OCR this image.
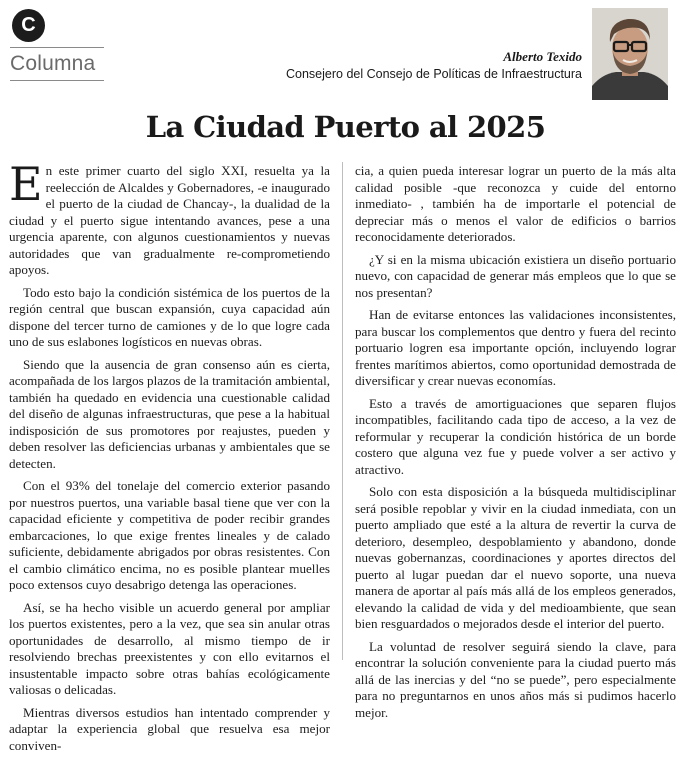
C
Columna	Alberto Texido
Consejero del Consejo de Políticas de Infraestructura
La Ciudad Puerto al 2025

En este primer cuarto del siglo XXI, resuelta ya la reelección de Alcaldes y Gobernadores, -e inaugurado el puerto de la ciudad de Chancay-, la dualidad de la ciudad y el puerto sigue intentando avances, pese a una urgencia aparente, con algunos cuestionamientos y nuevas autoridades que van gradualmente re-comprometiendo apoyos.

Todo esto bajo la condición sistémica de los puertos de la región central que buscan expansión, cuya capacidad aún dispone del tercer turno de camiones y de lo que logre cada uno de sus eslabones logísticos en nuevas obras.

Siendo que la ausencia de gran consenso aún es cierta, acompañada de los largos plazos de la tramitación ambiental, también ha quedado en evidencia una cuestionable calidad del diseño de algunas infraestructuras, que pese a la habitual indisposición de sus promotores por reajustes, pueden y deben resolver las deficiencias urbanas y ambientales que se detecten.

Con el 93% del tonelaje del comercio exterior pasando por nuestros puertos, una variable basal tiene que ver con la capacidad eficiente y competitiva de poder recibir grandes embarcaciones, lo que exige frentes lineales y de calado suficiente, debidamente abrigados por obras resistentes. Con el cambio climático encima, no es posible plantear muelles poco extensos cuyo desabrigo detenga las operaciones.

Así, se ha hecho visible un acuerdo general por ampliar los puertos existentes, pero a la vez, que sea sin anular otras oportunidades de desarrollo, al mismo tiempo de ir resolviendo brechas preexistentes y con ello evitarnos el insustentable impacto sobre otras bahías ecológicamente valiosas o delicadas.

Mientras diversos estudios han intentado comprender y adaptar la experiencia global que resuelva esa mejor conviven-

cia, a quien pueda interesar lograr un puerto de la más alta calidad posible -que reconozca y cuide del entorno inmediato- , también ha de importarle el potencial de depreciar más o menos el valor de edificios o barrios reconocidamente deteriorados.

¿Y si en la misma ubicación existiera un diseño portuario nuevo, con capacidad de generar más empleos que lo que se nos presentan?

Han de evitarse entonces las validaciones inconsistentes, para buscar los complementos que dentro y fuera del recinto portuario logren esa importante opción, incluyendo lograr frentes marítimos abiertos, como oportunidad demostrada de diversificar y crear nuevas economías.

Esto a través de amortiguaciones que separen flujos incompatibles, facilitando cada tipo de acceso, a la vez de reformular y recuperar la condición histórica de un borde costero que alguna vez fue y puede volver a ser activo y atractivo.

Solo con esta disposición a la búsqueda multidisciplinar será posible repoblar y vivir en la ciudad inmediata, con un puerto ampliado que esté a la altura de revertir la curva de deterioro, desempleo, despoblamiento y abandono, donde nuevas gobernanzas, coordinaciones y aportes directos del puerto al lugar puedan dar el nuevo soporte, una nueva manera de aportar al país más allá de los empleos generados, elevando la calidad de vida y del medioambiente, que sean bien resguardados o mejorados desde el interior del puerto.

La voluntad de resolver seguirá siendo la clave, para encontrar la solución conveniente para la ciudad puerto más allá de las inercias y del “no se puede”, pero especialmente para no preguntarnos en unos años más si pudimos hacerlo mejor.
